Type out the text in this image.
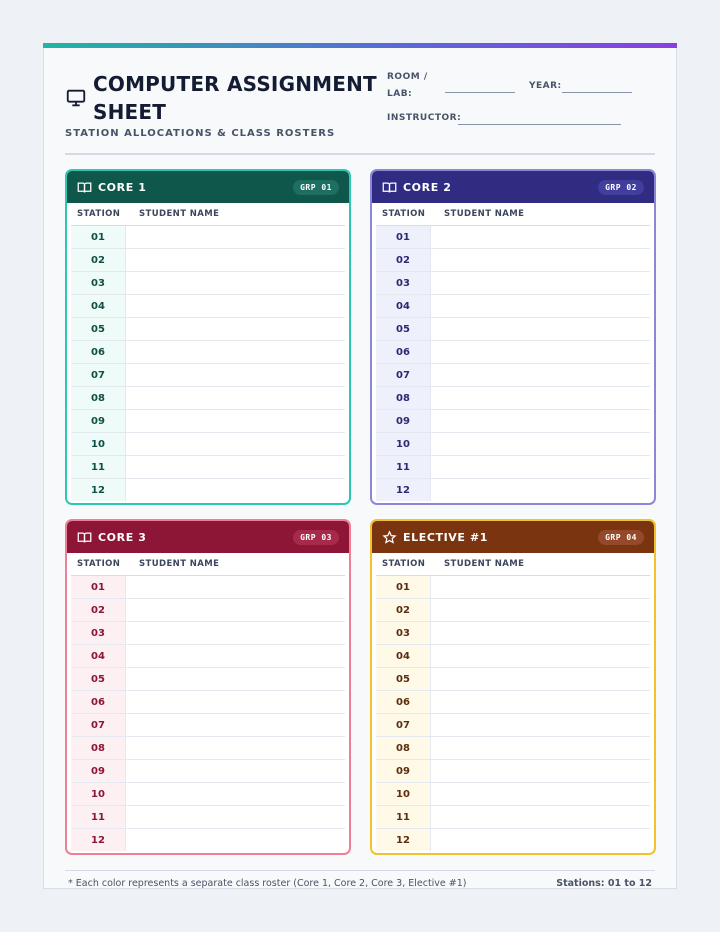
COMPUTER ASSIGNMENT SHEET
STATION ALLOCATIONS & CLASS ROSTERS
ROOM / LAB:
YEAR:
INSTRUCTOR:
CORE 1	GRP 01
STATION	STUDENT NAME
01
02
03
04
05
06
07
08
09
10
11
12
CORE 2	GRP 02
STATION	STUDENT NAME
01
02
03
04
05
06
07
08
09
10
11
12
CORE 3	GRP 03
STATION	STUDENT NAME
01
02
03
04
05
06
07
08
09
10
11
12
ELECTIVE #1	GRP 04
STATION	STUDENT NAME
01
02
03
04
05
06
07
08
09
10
11
12
* Each color represents a separate class roster (Core 1, Core 2, Core 3, Elective #1)	Stations: 01 to 12
